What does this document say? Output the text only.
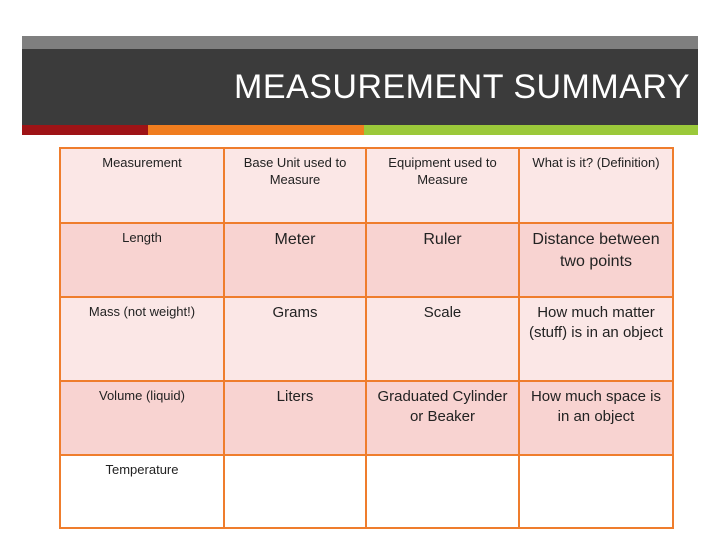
MEASUREMENT SUMMARY
Measurement	Base Unit used to Measure	Equipment used to Measure	What is it? (Definition)
Length	Meter	Ruler	Distance between two points
Mass (not weight!)	Grams	Scale	How much matter (stuff) is in an object
Volume (liquid)	Liters	Graduated Cylinder or Beaker	How much space is in an object
Temperature			
